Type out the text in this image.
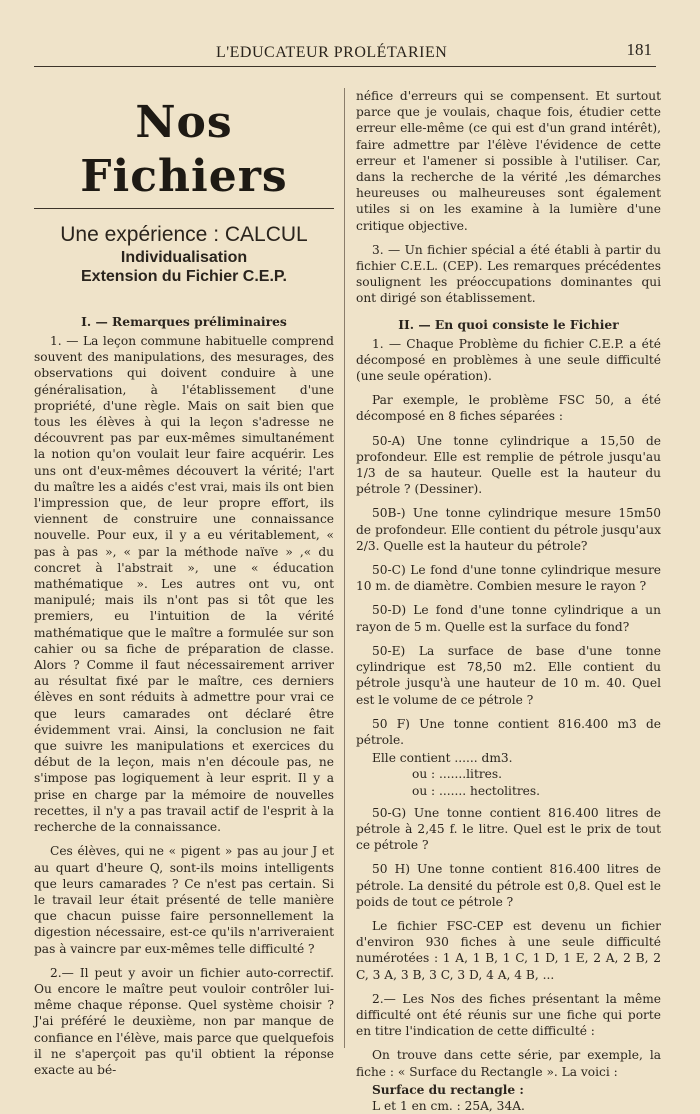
L'EDUCATEUR PROLÉTARIEN	181
Nos Fichiers
Une expérience : CALCUL
Individualisation
Extension du Fichier C.E.P.
I. — Remarques préliminaires

1. — La leçon commune habituelle comprend souvent des manipulations, des mesurages, des observations qui doivent conduire à une généralisation, à l'établissement d'une propriété, d'une règle. Mais on sait bien que tous les élèves à qui la leçon s'adresse ne découvrent pas par eux-mêmes simultanément la notion qu'on voulait leur faire acquérir. Les uns ont d'eux-mêmes découvert la vérité; l'art du maître les a aidés c'est vrai, mais ils ont bien l'impression que, de leur propre effort, ils viennent de construire une connaissance nouvelle. Pour eux, il y a eu véritablement, « pas à pas », « par la méthode naïve » ,« du concret à l'abstrait », une « éducation mathématique ». Les autres ont vu, ont manipulé; mais ils n'ont pas si tôt que les premiers, eu l'intuition de la vérité mathématique que le maître a formulée sur son cahier ou sa fiche de préparation de classe. Alors ? Comme il faut nécessairement arriver au résultat fixé par le maître, ces derniers élèves en sont réduits à admettre pour vrai ce que leurs camarades ont déclaré être évidemment vrai. Ainsi, la conclusion ne fait que suivre les manipulations et exercices du début de la leçon, mais n'en découle pas, ne s'impose pas logiquement à leur esprit. Il y a prise en charge par la mémoire de nouvelles recettes, il n'y a pas travail actif de l'esprit à la recherche de la connaissance.

Ces élèves, qui ne « pigent » pas au jour J et au quart d'heure Q, sont-ils moins intelligents que leurs camarades ? Ce n'est pas certain. Si le travail leur était présenté de telle manière que chacun puisse faire personnellement la digestion nécessaire, est-ce qu'ils n'arriveraient pas à vaincre par eux-mêmes telle difficulté ?

2.— Il peut y avoir un fichier auto-correctif. Ou encore le maître peut vouloir contrôler lui-même chaque réponse. Quel système choisir ? J'ai préféré le deuxième, non par manque de confiance en l'élève, mais parce que quelquefois il ne s'aperçoit pas qu'il obtient la réponse exacte au bé-

néfice d'erreurs qui se compensent. Et surtout parce que je voulais, chaque fois, étudier cette erreur elle-même (ce qui est d'un grand intérêt), faire admettre par l'élève l'évidence de cette erreur et l'amener si possible à l'utiliser. Car, dans la recherche de la vérité ,les démarches heureuses ou malheureuses sont également utiles si on les examine à la lumière d'une critique objective.

3. — Un fichier spécial a été établi à partir du fichier C.E.L. (CEP). Les remarques précédentes soulignent les préoccupations dominantes qui ont dirigé son établissement.

II. — En quoi consiste le Fichier

1. — Chaque Problème du fichier C.E.P. a été décomposé en problèmes à une seule difficulté (une seule opération).

Par exemple, le problème FSC 50, a été décomposé en 8 fiches séparées :

50-A) Une tonne cylindrique a 15,50 de profondeur. Elle est remplie de pétrole jusqu'au 1/3 de sa hauteur. Quelle est la hauteur du pétrole ? (Dessiner).

50B-) Une tonne cylindrique mesure 15m50 de profondeur. Elle contient du pétrole jusqu'aux 2/3. Quelle est la hauteur du pétrole?

50-C) Le fond d'une tonne cylindrique mesure 10 m. de diamètre. Combien mesure le rayon ?

50-D) Le fond d'une tonne cylindrique a un rayon de 5 m. Quelle est la surface du fond?

50-E) La surface de base d'une tonne cylindrique est 78,50 m2. Elle contient du pétrole jusqu'à une hauteur de 10 m. 40. Quel est le volume de ce pétrole ?

50 F) Une tonne contient 816.400 m3 de pétrole.

Elle contient ...... dm3.
ou : .......litres.
ou : ....... hectolitres.

50-G) Une tonne contient 816.400 litres de pétrole à 2,45 f. le litre. Quel est le prix de tout ce pétrole ?

50 H) Une tonne contient 816.400 litres de pétrole. La densité du pétrole est 0,8. Quel est le poids de tout ce pétrole ?

Le fichier FSC-CEP est devenu un fichier d'environ 930 fiches à une seule difficulté numérotées : 1 A, 1 B, 1 C, 1 D, 1 E, 2 A, 2 B, 2 C, 3 A, 3 B, 3 C, 3 D, 4 A, 4 B, ...

2.— Les Nos des fiches présentant la même difficulté ont été réunis sur une fiche qui porte en titre l'indication de cette difficulté :

On trouve dans cette série, par exemple, la fiche : « Surface du Rectangle ». La voici :

Surface du rectangle :
L et 1 en cm. : 25A, 34A.
